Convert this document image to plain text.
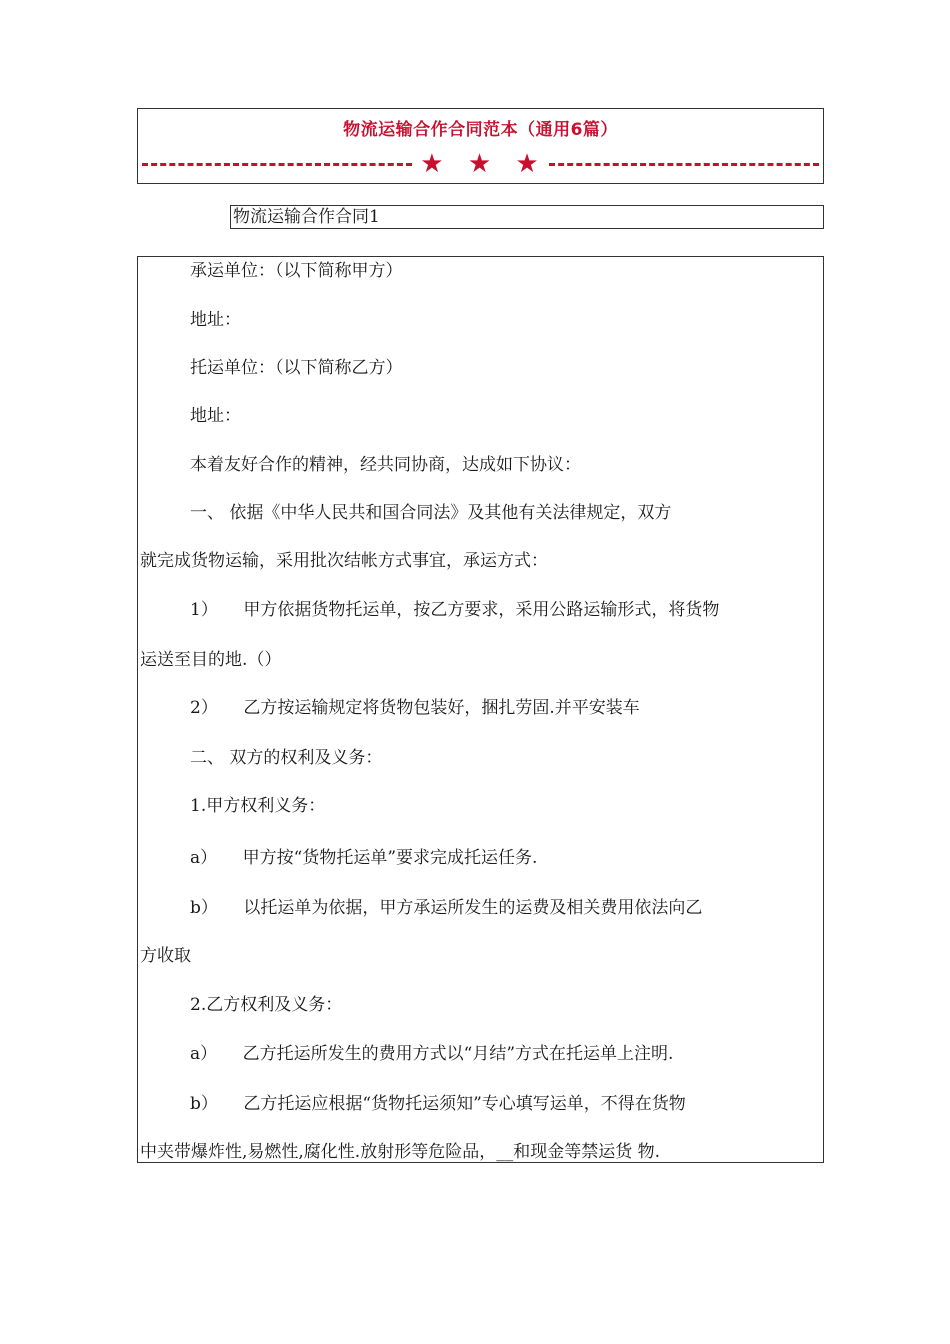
物流运输合作合同范本（通用6篇）
★ ★ ★
物流运输合作合同1
承运单位：（以下简称甲方）
地址：
托运单位：（以下简称乙方）
地址：
本着友好合作的精神，经共同协商，达成如下协议：
一、 依据《中华人民共和国合同法》及其他有关法律规定，双方
就完成货物运输，采用批次结帐方式事宜，承运方式：
1）　　甲方依据货物托运单，按乙方要求，采用公路运输形式，将货物
运送至目的地.（）
2）　　乙方按运输规定将货物包装好，捆扎劳固.并平安装车
二、 双方的权利及义务：
1.甲方权利义务：
a）　　甲方按“货物托运单”要求完成托运任务.
b）　　以托运单为依据，甲方承运所发生的运费及相关费用依法向乙
方收取
2.乙方权利及义务：
a）　　乙方托运所发生的费用方式以“月结”方式在托运单上注明.
b）　　乙方托运应根据“货物托运须知”专心填写运单，不得在货物
中夹带爆炸性,易燃性,腐化性.放射形等危险品，__和现金等禁运货 物.
